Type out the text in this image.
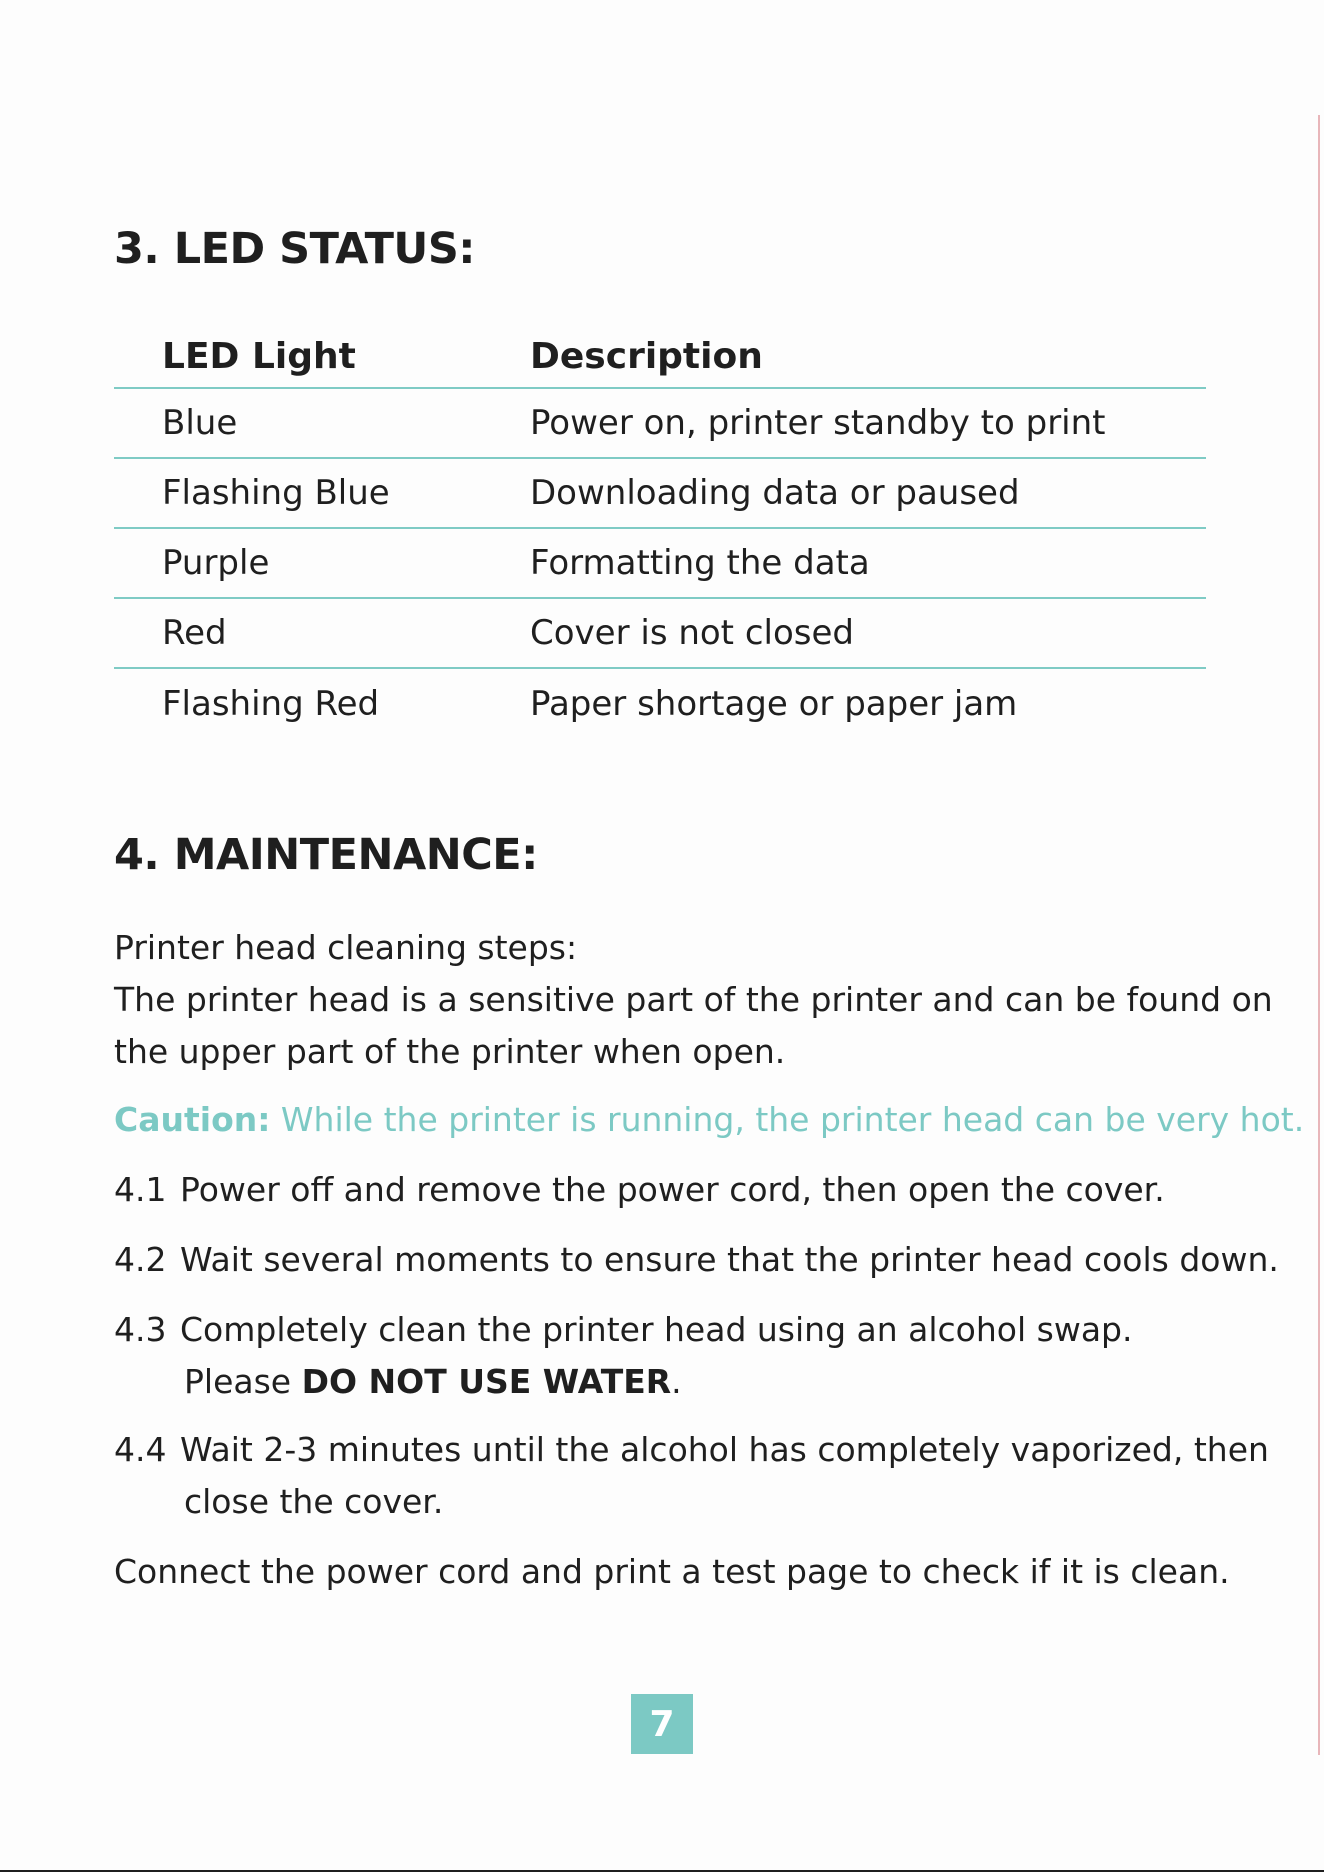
3. LED STATUS:
LED Light	Description
Blue	Power on, printer standby to print
Flashing Blue	Downloading data or paused
Purple	Formatting the data
Red	Cover is not closed
Flashing Red	Paper shortage or paper jam
4. MAINTENANCE:

Printer head cleaning steps:

The printer head is a sensitive part of the printer and can be found on

the upper part of the printer when open.

Caution: While the printer is running, the printer head can be very hot.

4.1 Power off and remove the power cord, then open the cover.
4.2 Wait several moments to ensure that the printer head cools down.
4.3 Completely clean the printer head using an alcohol swap.
Please DO NOT USE WATER.
4.4 Wait 2-3 minutes until the alcohol has completely vaporized, then
close the cover.

Connect the power cord and print a test page to check if it is clean.

7
